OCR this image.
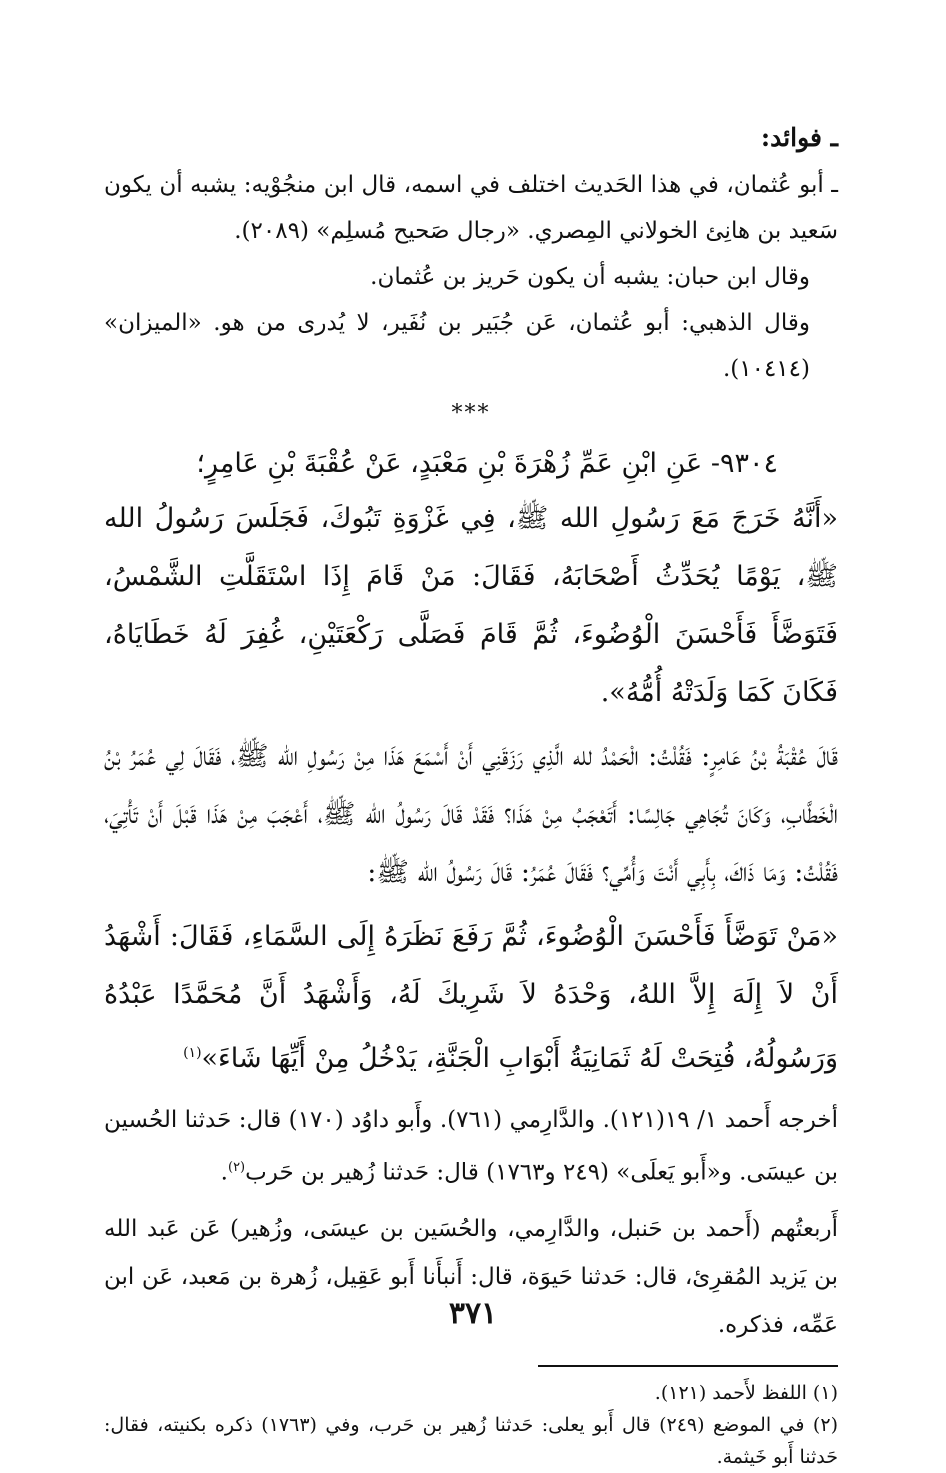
ـ فوائد:

ـ أبو عُثمان، في هذا الحَديث اختلف في اسمه، قال ابن منجُوْيه: يشبه أن يكون سَعيد بن هانِئ الخولاني المِصري. «رجال صَحيح مُسلِم» (٢٠٨٩).

وقال ابن حبان: يشبه أن يكون حَريز بن عُثمان.

وقال الذهبي: أبو عُثمان، عَن جُبَير بن نُفَير، لا يُدرى من هو. «الميزان» (١٠٤١٤).

***

٩٣٠٤- عَنِ ابْنِ عَمِّ زُهْرَةَ بْنِ مَعْبَدٍ، عَنْ عُقْبَةَ بْنِ عَامِرٍ؛

«أَنَّهُ خَرَجَ مَعَ رَسُولِ الله ﷺ، فِي غَزْوَةِ تَبُوكَ، فَجَلَسَ رَسُولُ الله ﷺ، يَوْمًا يُحَدِّثُ أَصْحَابَهُ، فَقَالَ: مَنْ قَامَ إِذَا اسْتَقَلَّتِ الشَّمْسُ، فَتَوَضَّأَ فَأَحْسَنَ الْوُضُوءَ، ثُمَّ قَامَ فَصَلَّى رَكْعَتَيْنِ، غُفِرَ لَهُ خَطَايَاهُ، فَكَانَ كَمَا وَلَدَتْهُ أُمُّهُ».

قَالَ عُقْبَةُ بْنُ عَامِرٍ: فَقُلْتُ: الْحَمْدُ لله الَّذِي رَزَقَنِي أَنْ أَسْمَعَ هَذَا مِنْ رَسُولِ الله ﷺ، فَقَالَ لِي عُمَرُ بْنُ الْخَطَّابِ، وَكَانَ تُجَاهِي جَالِسًا: أَتَعْجَبُ مِنْ هَذَا؟ فَقَدْ قَالَ رَسُولُ الله ﷺ، أَعْجَبَ مِنْ هَذَا قَبْلَ أَنْ تَأْتِيَ، فَقُلْتُ: وَمَا ذَاكَ، بِأَبِي أَنْتَ وَأُمِّي؟ فَقَالَ عُمَرُ: قَالَ رَسُولُ الله ﷺ:

«مَنْ تَوَضَّأَ فَأَحْسَنَ الْوُضُوءَ، ثُمَّ رَفَعَ نَظَرَهُ إِلَى السَّمَاءِ، فَقَالَ: أَشْهَدُ أَنْ لاَ إِلَهَ إِلاَّ اللهُ، وَحْدَهُ لاَ شَرِيكَ لَهُ، وَأَشْهَدُ أَنَّ مُحَمَّدًا عَبْدُهُ وَرَسُولُهُ، فُتِحَتْ لَهُ ثَمَانِيَةُ أَبْوَابِ الْجَنَّةِ، يَدْخُلُ مِنْ أَيِّهَا شَاءَ»$^{(١)}$

أخرجه أَحمد ١/ ١٩(١٢١). والدَّارِمي (٧٦١). وأَبو داوُد (١٧٠) قال: حَدثنا الحُسين بن عيسَى. و«أَبو يَعلَى» (٢٤٩ و١٧٦٣) قال: حَدثنا زُهير بن حَرب$^{(٢)}$.

أَربعتُهم (أَحمد بن حَنبل، والدَّارِمي، والحُسَين بن عيسَى، وزُهير) عَن عَبد الله بن يَزيد المُقرِئ، قال: حَدثنا حَيوَة، قال: أَنبأَنا أَبو عَقِيل، زُهرة بن مَعبد، عَن ابن عَمِّه، فذكره.

(١) اللفظ لأَحمد (١٢١).

(٢) في الموضع (٢٤٩) قال أَبو يعلى: حَدثنا زُهير بن حَرب، وفي (١٧٦٣) ذكره بكنيته، فقال: حَدثنا أَبو خَيثمة.

٣٧١
